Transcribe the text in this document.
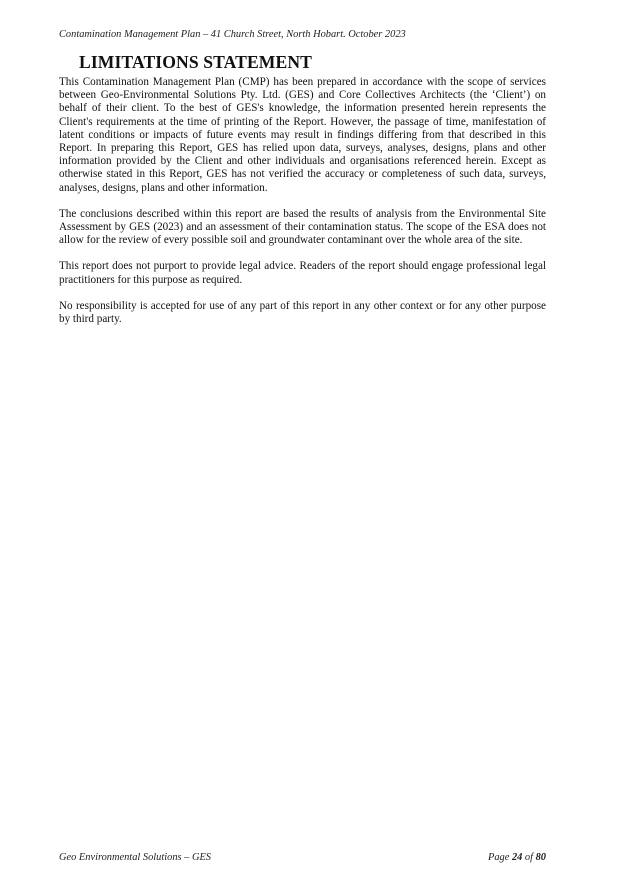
Contamination Management Plan – 41 Church Street, North Hobart. October 2023
LIMITATIONS STATEMENT

This Contamination Management Plan (CMP) has been prepared in accordance with the scope of services between Geo-Environmental Solutions Pty. Ltd. (GES) and Core Collectives Architects (the ‘Client’) on behalf of their client. To the best of GES's knowledge, the information presented herein represents the Client's requirements at the time of printing of the Report. However, the passage of time, manifestation of latent conditions or impacts of future events may result in findings differing from that described in this Report. In preparing this Report, GES has relied upon data, surveys, analyses, designs, plans and other information provided by the Client and other individuals and organisations referenced herein. Except as otherwise stated in this Report, GES has not verified the accuracy or completeness of such data, surveys, analyses, designs, plans and other information.

The conclusions described within this report are based the results of analysis from the Environmental Site Assessment by GES (2023) and an assessment of their contamination status. The scope of the ESA does not allow for the review of every possible soil and groundwater contaminant over the whole area of the site.

This report does not purport to provide legal advice. Readers of the report should engage professional legal practitioners for this purpose as required.

No responsibility is accepted for use of any part of this report in any other context or for any other purpose by third party.

Geo Environmental Solutions – GES	Page 24 of 80
